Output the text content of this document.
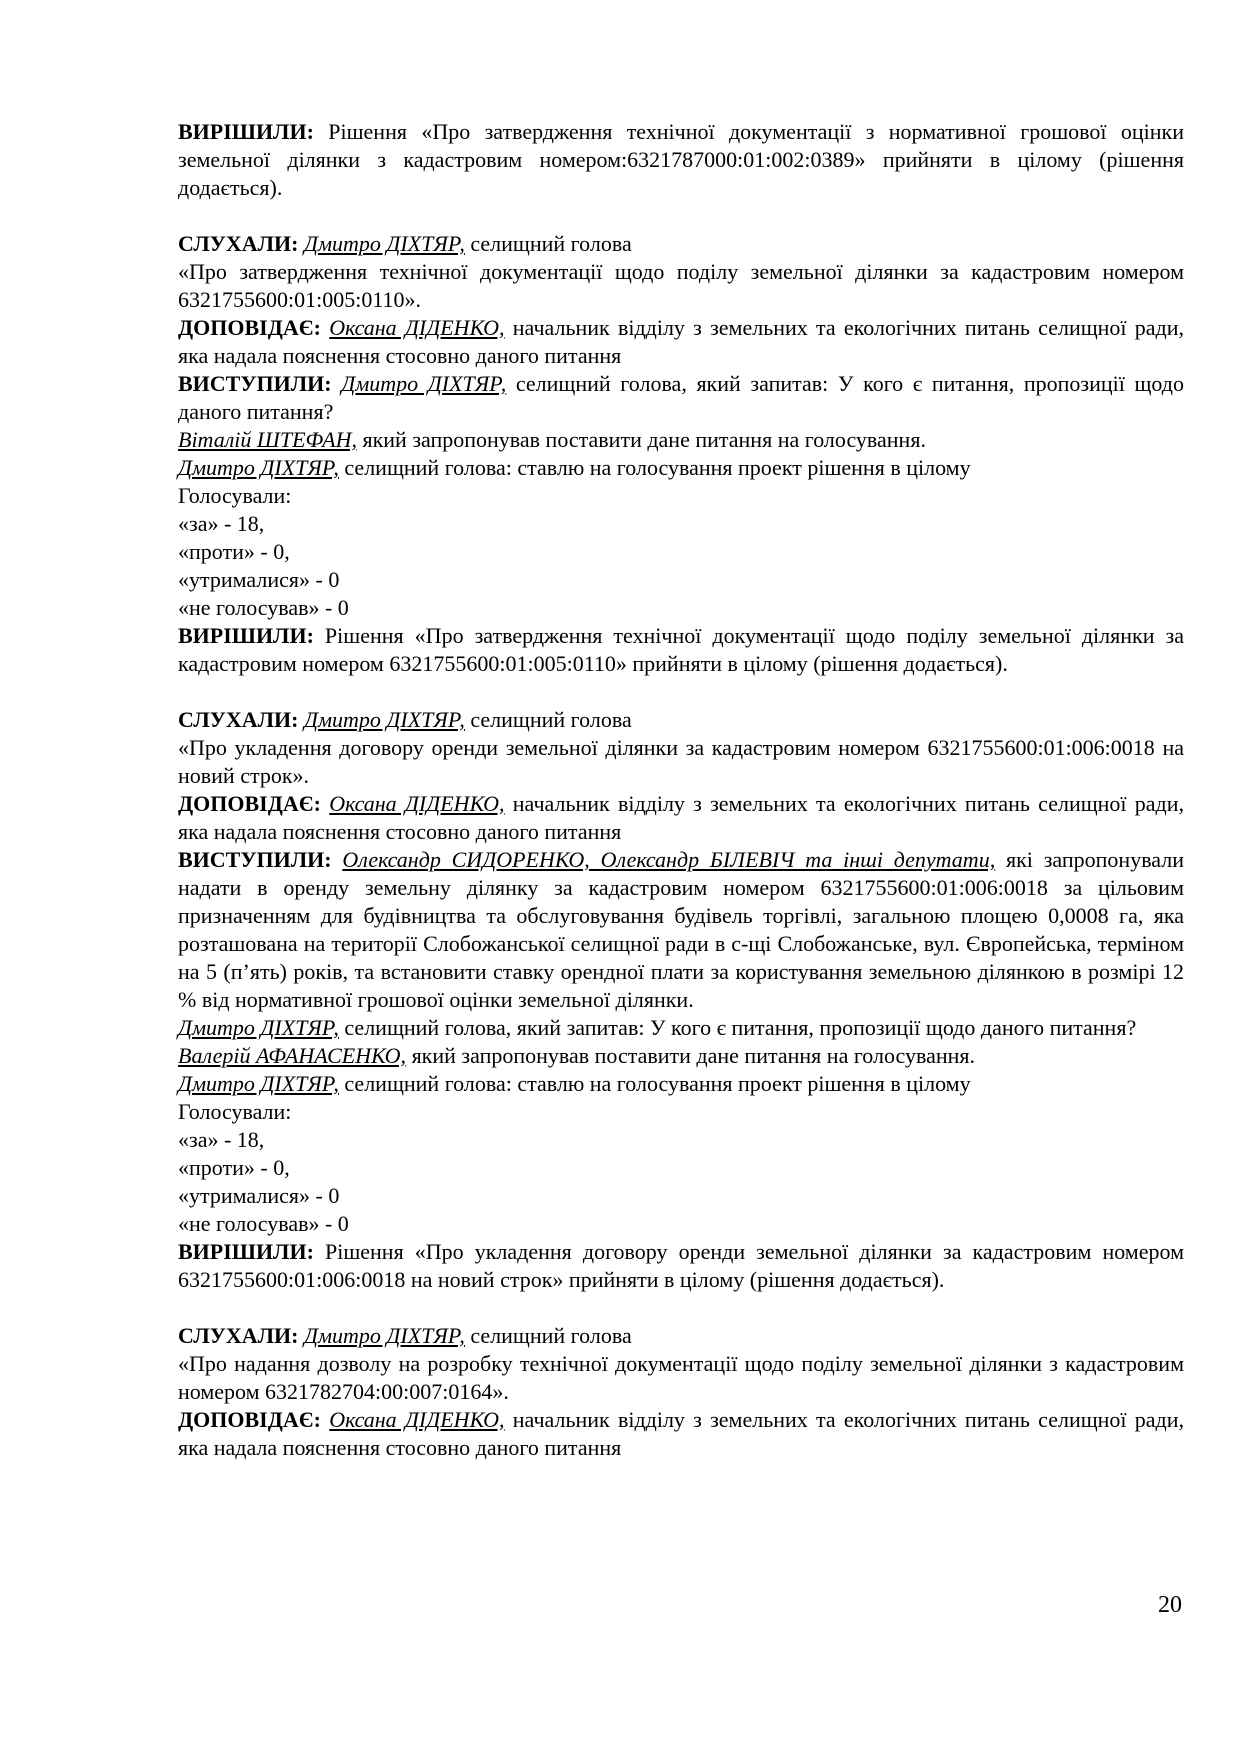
ВИРІШИЛИ: Рішення «Про затвердження технічної документації з нормативної грошової оцінки земельної ділянки з кадастровим номером:6321787000:01:002:0389» прийняти в цілому (рішення додається).

СЛУХАЛИ: Дмитро ДІХТЯР, селищний голова

«Про затвердження технічної документації щодо поділу земельної ділянки за кадастровим номером 6321755600:01:005:0110».

ДОПОВІДАЄ: Оксана ДІДЕНКО, начальник відділу з земельних та екологічних питань селищної ради, яка надала пояснення стосовно даного питання

ВИСТУПИЛИ: Дмитро ДІХТЯР, селищний голова, який запитав: У кого є питання, пропозиції щодо даного питання?

Віталій ШТЕФАН, який запропонував поставити дане питання на голосування.

Дмитро ДІХТЯР, селищний голова: ставлю на голосування проект рішення в цілому

Голосували:

«за» - 18,

«проти» - 0,

«утрималися» - 0

«не голосував» - 0

ВИРІШИЛИ: Рішення «Про затвердження технічної документації щодо поділу земельної ділянки за кадастровим номером 6321755600:01:005:0110» прийняти в цілому (рішення додається).

СЛУХАЛИ: Дмитро ДІХТЯР, селищний голова

«Про укладення договору оренди земельної ділянки за кадастровим номером 6321755600:01:006:0018 на новий строк».

ДОПОВІДАЄ: Оксана ДІДЕНКО, начальник відділу з земельних та екологічних питань селищної ради, яка надала пояснення стосовно даного питання

ВИСТУПИЛИ: Олександр СИДОРЕНКО, Олександр БІЛЕВІЧ та інші депутати, які запропонували надати в оренду земельну ділянку за кадастровим номером 6321755600:01:006:0018 за цільовим призначенням для будівництва та обслуговування будівель торгівлі, загальною площею 0,0008 га, яка розташована на території Слобожанської селищної ради в с-щі Слобожанське, вул. Європейська, терміном на 5 (п’ять) років, та встановити ставку орендної плати за користування земельною ділянкою в розмірі 12 % від нормативної грошової оцінки земельної ділянки.

Дмитро ДІХТЯР, селищний голова, який запитав: У кого є питання, пропозиції щодо даного питання?

Валерій АФАНАСЕНКО, який запропонував поставити дане питання на голосування.

Дмитро ДІХТЯР, селищний голова: ставлю на голосування проект рішення в цілому

Голосували:

«за» - 18,

«проти» - 0,

«утрималися» - 0

«не голосував» - 0

ВИРІШИЛИ: Рішення «Про укладення договору оренди земельної ділянки за кадастровим номером 6321755600:01:006:0018 на новий строк» прийняти в цілому (рішення додається).

СЛУХАЛИ: Дмитро ДІХТЯР, селищний голова

«Про надання дозволу на розробку технічної документації щодо поділу земельної ділянки з кадастровим номером 6321782704:00:007:0164».

ДОПОВІДАЄ: Оксана ДІДЕНКО, начальник відділу з земельних та екологічних питань селищної ради, яка надала пояснення стосовно даного питання

20
